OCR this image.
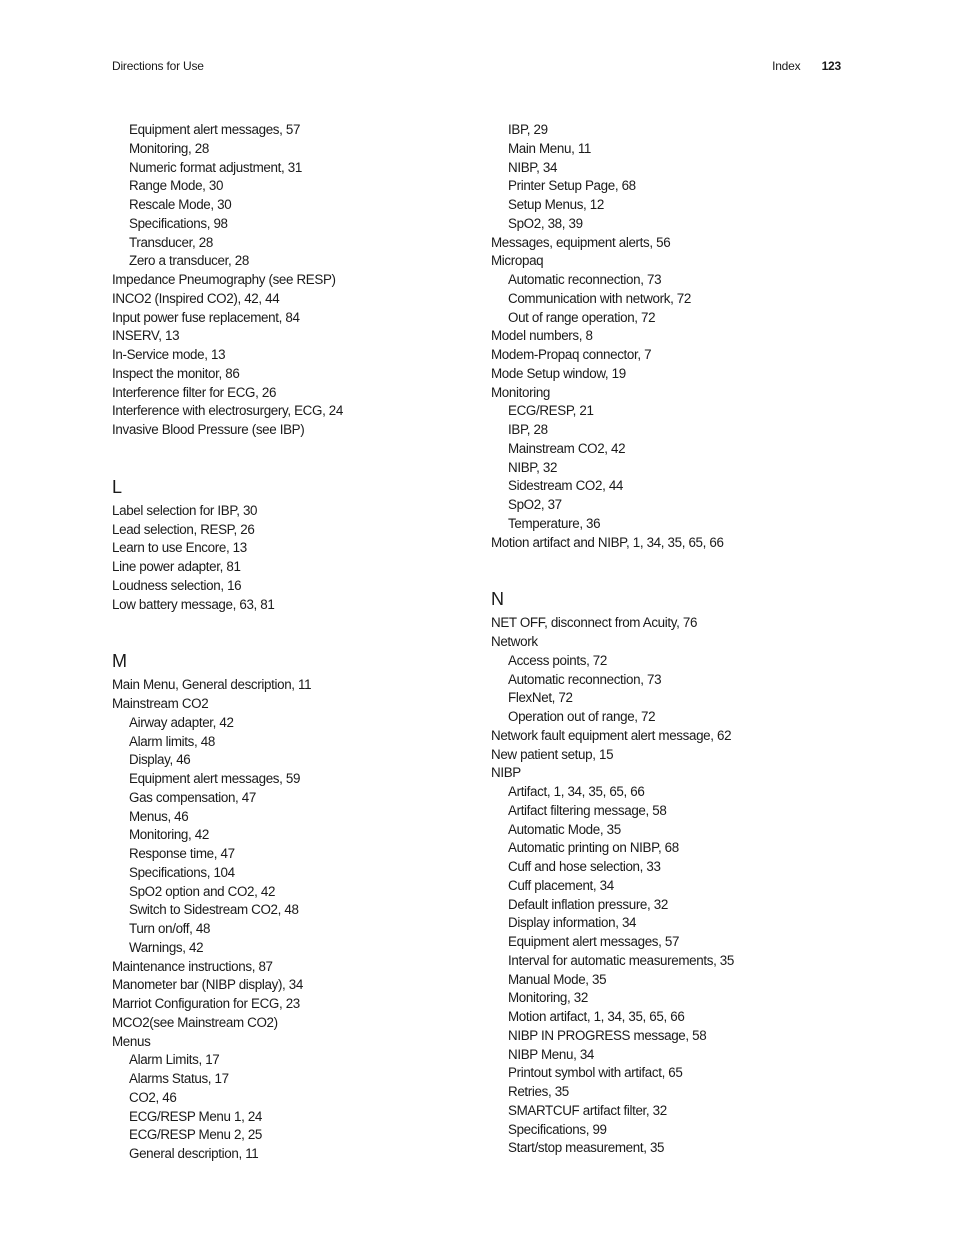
Directions for Use	Index 123
Equipment alert messages, 57
Monitoring, 28
Numeric format adjustment, 31
Range Mode, 30
Rescale Mode, 30
Specifications, 98
Transducer, 28
Zero a transducer, 28
Impedance Pneumography (see RESP)
INCO2 (Inspired CO2), 42, 44
Input power fuse replacement, 84
INSERV, 13
In-Service mode, 13
Inspect the monitor, 86
Interference filter for ECG, 26
Interference with electrosurgery, ECG, 24
Invasive Blood Pressure (see IBP)
L
Label selection for IBP, 30
Lead selection, RESP, 26
Learn to use Encore, 13
Line power adapter, 81
Loudness selection, 16
Low battery message, 63, 81
M
Main Menu, General description, 11
Mainstream CO2
Airway adapter, 42
Alarm limits, 48
Display, 46
Equipment alert messages, 59
Gas compensation, 47
Menus, 46
Monitoring, 42
Response time, 47
Specifications, 104
SpO2 option and CO2, 42
Switch to Sidestream CO2, 48
Turn on/off, 48
Warnings, 42
Maintenance instructions, 87
Manometer bar (NIBP display), 34
Marriot Configuration for ECG, 23
MCO2(see Mainstream CO2)
Menus
Alarm Limits, 17
Alarms Status, 17
CO2, 46
ECG/RESP Menu 1, 24
ECG/RESP Menu 2, 25
General description, 11
IBP, 29
Main Menu, 11
NIBP, 34
Printer Setup Page, 68
Setup Menus, 12
SpO2, 38, 39
Messages, equipment alerts, 56
Micropaq
Automatic reconnection, 73
Communication with network, 72
Out of range operation, 72
Model numbers, 8
Modem-Propaq connector, 7
Mode Setup window, 19
Monitoring
ECG/RESP, 21
IBP, 28
Mainstream CO2, 42
NIBP, 32
Sidestream CO2, 44
SpO2, 37
Temperature, 36
Motion artifact and NIBP, 1, 34, 35, 65, 66
N
NET OFF, disconnect from Acuity, 76
Network
Access points, 72
Automatic reconnection, 73
FlexNet, 72
Operation out of range, 72
Network fault equipment alert message, 62
New patient setup, 15
NIBP
Artifact, 1, 34, 35, 65, 66
Artifact filtering message, 58
Automatic Mode, 35
Automatic printing on NIBP, 68
Cuff and hose selection, 33
Cuff placement, 34
Default inflation pressure, 32
Display information, 34
Equipment alert messages, 57
Interval for automatic measurements, 35
Manual Mode, 35
Monitoring, 32
Motion artifact, 1, 34, 35, 65, 66
NIBP IN PROGRESS message, 58
NIBP Menu, 34
Printout symbol with artifact, 65
Retries, 35
SMARTCUF artifact filter, 32
Specifications, 99
Start/stop measurement, 35
